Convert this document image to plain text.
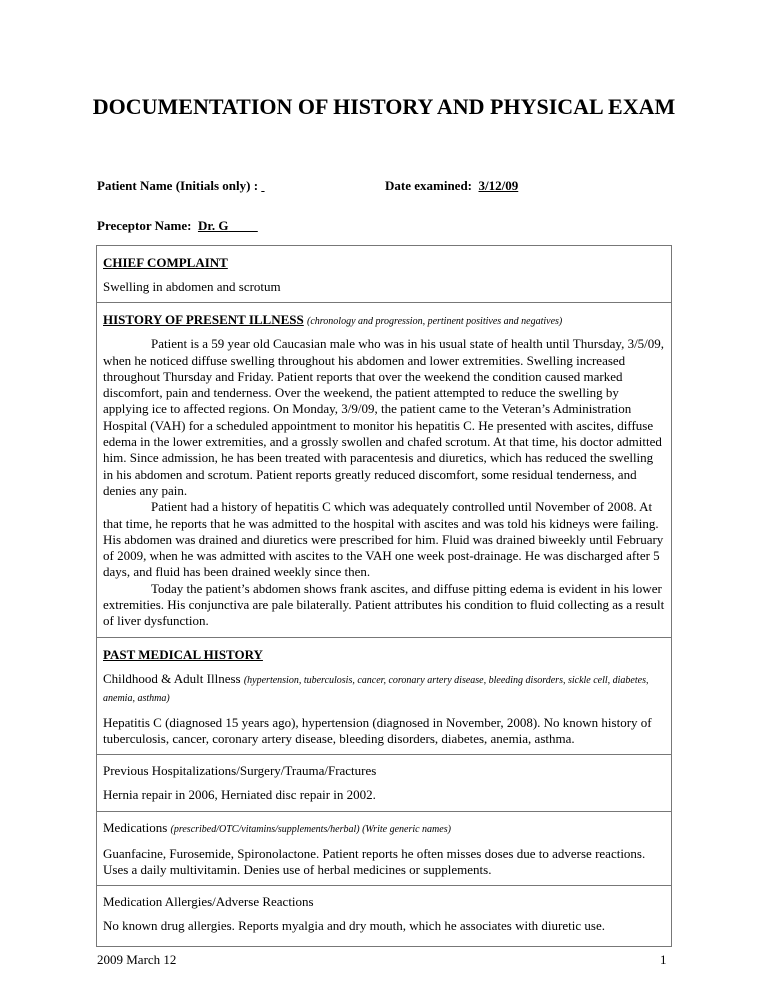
DOCUMENTATION OF HISTORY AND PHYSICAL EXAM
Patient Name (Initials only) :	Date examined: 3/12/09
Preceptor Name: Dr. G
CHIEF COMPLAINT

Swelling in abdomen and scrotum

HISTORY OF PRESENT ILLNESS (chronology and progression, pertinent positives and negatives)

Patient is a 59 year old Caucasian male who was in his usual state of health until Thursday, 3/5/09, when he noticed diffuse swelling throughout his abdomen and lower extremities. Swelling increased throughout Thursday and Friday. Patient reports that over the weekend the condition caused marked discomfort, pain and tenderness. Over the weekend, the patient attempted to reduce the swelling by applying ice to affected regions. On Monday, 3/9/09, the patient came to the Veteran’s Administration Hospital (VAH) for a scheduled appointment to monitor his hepatitis C. He presented with ascites, diffuse edema in the lower extremities, and a grossly swollen and chafed scrotum. At that time, his doctor admitted him. Since admission, he has been treated with paracentesis and diuretics, which has reduced the swelling in his abdomen and scrotum. Patient reports greatly reduced discomfort, some residual tenderness, and denies any pain.

Patient had a history of hepatitis C which was adequately controlled until November of 2008. At that time, he reports that he was admitted to the hospital with ascites and was told his kidneys were failing. His abdomen was drained and diuretics were prescribed for him. Fluid was drained biweekly until February of 2009, when he was admitted with ascites to the VAH one week post-drainage. He was discharged after 5 days, and fluid has been drained weekly since then.

Today the patient’s abdomen shows frank ascites, and diffuse pitting edema is evident in his lower extremities. His conjunctiva are pale bilaterally. Patient attributes his condition to fluid collecting as a result of liver dysfunction.

PAST MEDICAL HISTORY
Childhood & Adult Illness (hypertension, tuberculosis, cancer, coronary artery disease, bleeding disorders, sickle cell, diabetes, anemia, asthma)

Hepatitis C (diagnosed 15 years ago), hypertension (diagnosed in November, 2008). No known history of tuberculosis, cancer, coronary artery disease, bleeding disorders, diabetes, anemia, asthma.

Previous Hospitalizations/Surgery/Trauma/Fractures

Hernia repair in 2006, Herniated disc repair in 2002.

Medications (prescribed/OTC/vitamins/supplements/herbal) (Write generic names)

Guanfacine, Furosemide, Spironolactone. Patient reports he often misses doses due to adverse reactions. Uses a daily multivitamin. Denies use of herbal medicines or supplements.

Medication Allergies/Adverse Reactions

No known drug allergies. Reports myalgia and dry mouth, which he associates with diuretic use.

2009 March 12	1
